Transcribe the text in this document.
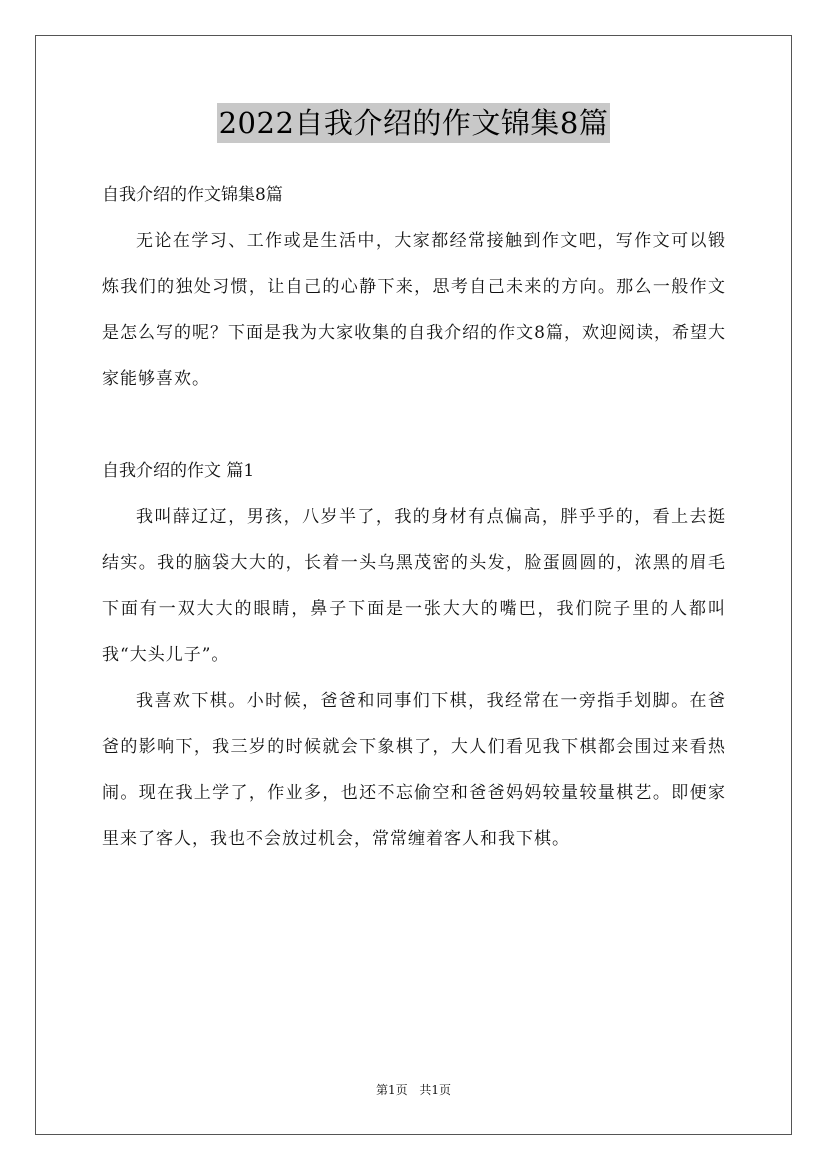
2022自我介绍的作文锦集8篇

自我介绍的作文锦集8篇

无论在学习、工作或是生活中，大家都经常接触到作文吧，写作文可以锻炼我们的独处习惯，让自己的心静下来，思考自己未来的方向。那么一般作文是怎么写的呢？下面是我为大家收集的自我介绍的作文8篇，欢迎阅读，希望大家能够喜欢。

自我介绍的作文 篇1

我叫薛辽辽，男孩，八岁半了，我的身材有点偏高，胖乎乎的，看上去挺结实。我的脑袋大大的，长着一头乌黑茂密的头发，脸蛋圆圆的，浓黑的眉毛下面有一双大大的眼睛，鼻子下面是一张大大的嘴巴，我们院子里的人都叫我“大头儿子”。

我喜欢下棋。小时候，爸爸和同事们下棋，我经常在一旁指手划脚。在爸爸的影响下，我三岁的时候就会下象棋了，大人们看见我下棋都会围过来看热闹。现在我上学了，作业多，也还不忘偷空和爸爸妈妈较量较量棋艺。即便家里来了客人，我也不会放过机会，常常缠着客人和我下棋。

第1页 共1页
